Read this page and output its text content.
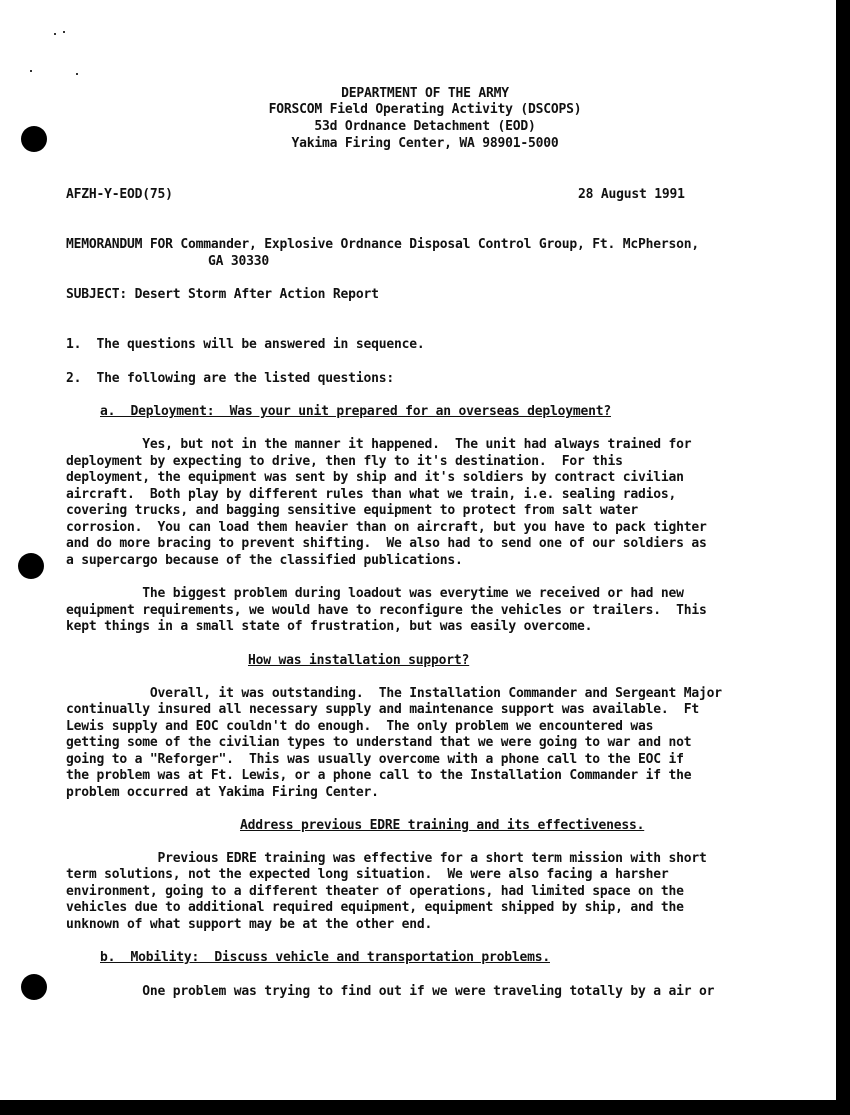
DEPARTMENT OF THE ARMY
FORSCOM Field Operating Activity (DSCOPS)
53d Ordnance Detachment (EOD)
Yakima Firing Center, WA 98901-5000
AFZH-Y-EOD(75)	28 August 1991
MEMORANDUM FOR Commander, Explosive Ordnance Disposal Control Group, Ft. McPherson,
GA 30330
SUBJECT: Desert Storm After Action Report
1.  The questions will be answered in sequence.
2.  The following are the listed questions:
a.  Deployment:  Was your unit prepared for an overseas deployment?
Yes, but not in the manner it happened.  The unit had always trained for
deployment by expecting to drive, then fly to it's destination.  For this
deployment, the equipment was sent by ship and it's soldiers by contract civilian
aircraft.  Both play by different rules than what we train, i.e. sealing radios,
covering trucks, and bagging sensitive equipment to protect from salt water
corrosion.  You can load them heavier than on aircraft, but you have to pack tighter
and do more bracing to prevent shifting.  We also had to send one of our soldiers as
a supercargo because of the classified publications.
The biggest problem during loadout was everytime we received or had new
equipment requirements, we would have to reconfigure the vehicles or trailers.  This
kept things in a small state of frustration, but was easily overcome.
How was installation support?
Overall, it was outstanding.  The Installation Commander and Sergeant Major
continually insured all necessary supply and maintenance support was available.  Ft
Lewis supply and EOC couldn't do enough.  The only problem we encountered was
getting some of the civilian types to understand that we were going to war and not
going to a "Reforger".  This was usually overcome with a phone call to the EOC if
the problem was at Ft. Lewis, or a phone call to the Installation Commander if the
problem occurred at Yakima Firing Center.
Address previous EDRE training and its effectiveness.
Previous EDRE training was effective for a short term mission with short
term solutions, not the expected long situation.  We were also facing a harsher
environment, going to a different theater of operations, had limited space on the
vehicles due to additional required equipment, equipment shipped by ship, and the
unknown of what support may be at the other end.
b.  Mobility:  Discuss vehicle and transportation problems.
One problem was trying to find out if we were traveling totally by a air or
